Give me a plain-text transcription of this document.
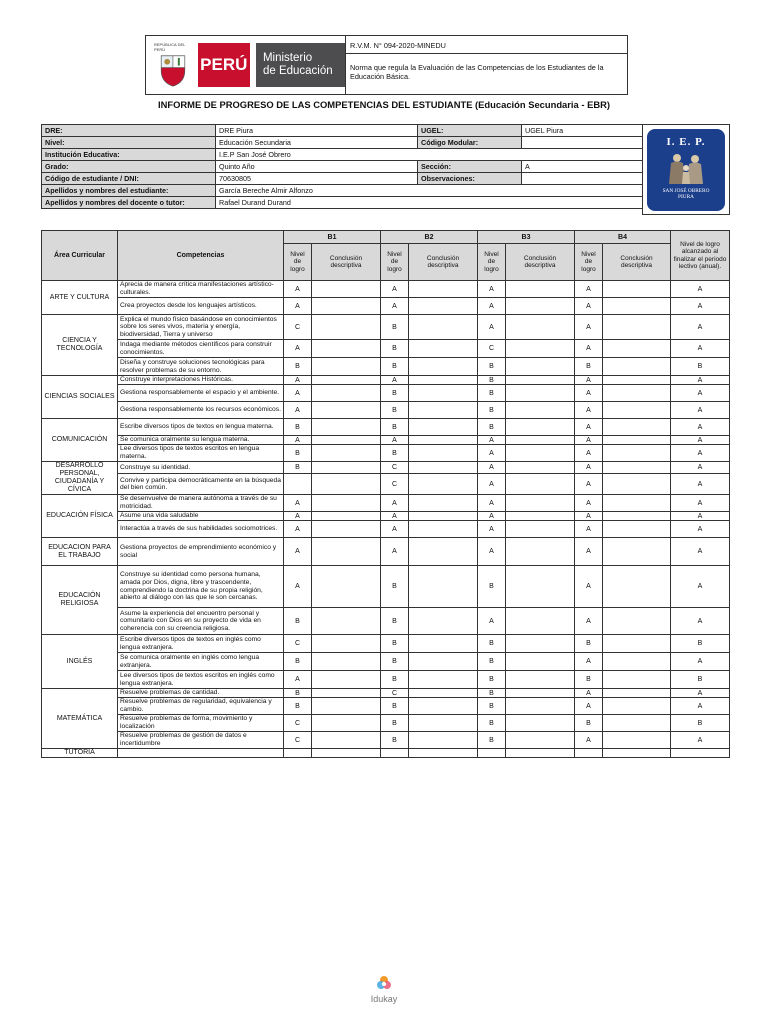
REPÚBLICA DEL PERÚ
PERÚ Ministerio
de Educación
R.V.M. N° 094-2020-MINEDU
Norma que regula la Evaluación de las Competencias de los Estudiantes de la Educación Básica.
INFORME DE PROGRESO DE LAS COMPETENCIAS DEL ESTUDIANTE (Educación Secundaria - EBR)
DRE:	DRE Piura	UGEL:	UGEL Piura
Nivel:	Educación Secundaria	Código Modular:	
Institución Educativa:	I.E.P San José Obrero		
Grado:	Quinto Año	Sección:	A
Código de estudiante / DNI:	70630805	Observaciones:	
Apellidos y nombres del estudiante:	García Bereche Almir Alfonzo		
Apellidos y nombres del docente o tutor:	Rafael Durand Durand		
I. E. P.
SAN JOSÉ OBRERO
PIURA
Área Curricular	Competencias	B1		B2		B3		B4		Nivel de logro alcanzado al finalizar el periodo lectivo (anual).
		Nivel de logro	Conclusión descriptiva	Nivel de logro	Conclusión descriptiva	Nivel de logro	Conclusión descriptiva	Nivel de logro	Conclusión descriptiva	
ARTE Y CULTURA	Aprecia de manera crítica manifestaciones artístico-culturales.	A		A		A		A		A
	Crea proyectos desde los lenguajes artísticos.	A		A		A		A		A
CIENCIA Y TECNOLOGÍA	Explica el mundo físico basándose en conocimientos sobre los seres vivos, materia y energía, biodiversidad, Tierra y universo	C		B		A		A		A
	Indaga mediante métodos científicos para construir conocimientos.	A		B		C		A		A
	Diseña y construye soluciones tecnológicas para resolver problemas de su entorno.	B		B		B		B		B
CIENCIAS SOCIALES	Construye interpretaciones Históricas.	A		A		B		A		A
	Gestiona responsablemente el espacio y el ambiente.	A		B		B		A		A
	Gestiona responsablemente los recursos económicos.	A		B		B		A		A
COMUNICACIÓN	Escribe diversos tipos de textos en lengua materna.	B		B		B		A		A
	Se comunica oralmente su lengua materna.	A		A		A		A		A
	Lee diversos tipos de textos escritos en lengua materna.	B		B		A		A		A
DESARROLLO PERSONAL, CIUDADANÍA Y CÍVICA	Construye su identidad.	B		C		A		A		A
	Convive y participa democráticamente en la búsqueda del bien común.			C		A		A		A
EDUCACIÓN FÍSICA	Se desenvuelve de manera autónoma a través de su motricidad.	A		A		A		A		A
	Asume una vida saludable	A		A		A		A		A
	Interactúa a través de sus habilidades sociomotrices.	A		A		A		A		A
EDUCACION PARA EL TRABAJO	Gestiona proyectos de emprendimiento económico y social	A		A		A		A		A
EDUCACIÓN RELIGIOSA	Construye su identidad como persona humana, amada por Dios, digna, libre y trascendente, comprendiendo la doctrina de su propia religión, abierto al diálogo con las que le son cercanas.	A		B		B		A		A
	Asume la experiencia del encuentro personal y comunitario con Dios en su proyecto de vida en coherencia con su creencia religiosa.	B		B		A		A		A
INGLÉS	Escribe diversos tipos de textos en inglés como lengua extranjera.	C		B		B		B		B
	Se comunica oralmente en inglés como lengua extranjera.	B		B		B		A		A
	Lee diversos tipos de textos escritos en inglés como lengua extranjera.	A		B		B		B		B
MATEMÁTICA	Resuelve problemas de cantidad.	B		C		B		A		A
	Resuelve problemas de regularidad, equivalencia y cambio.	B		B		B		A		A
	Resuelve problemas de forma, movimiento y localización	C		B		B		B		B
	Resuelve problemas de gestión de datos e incertidumbre	C		B		B		A		A
TUTORIA										
Idukay
